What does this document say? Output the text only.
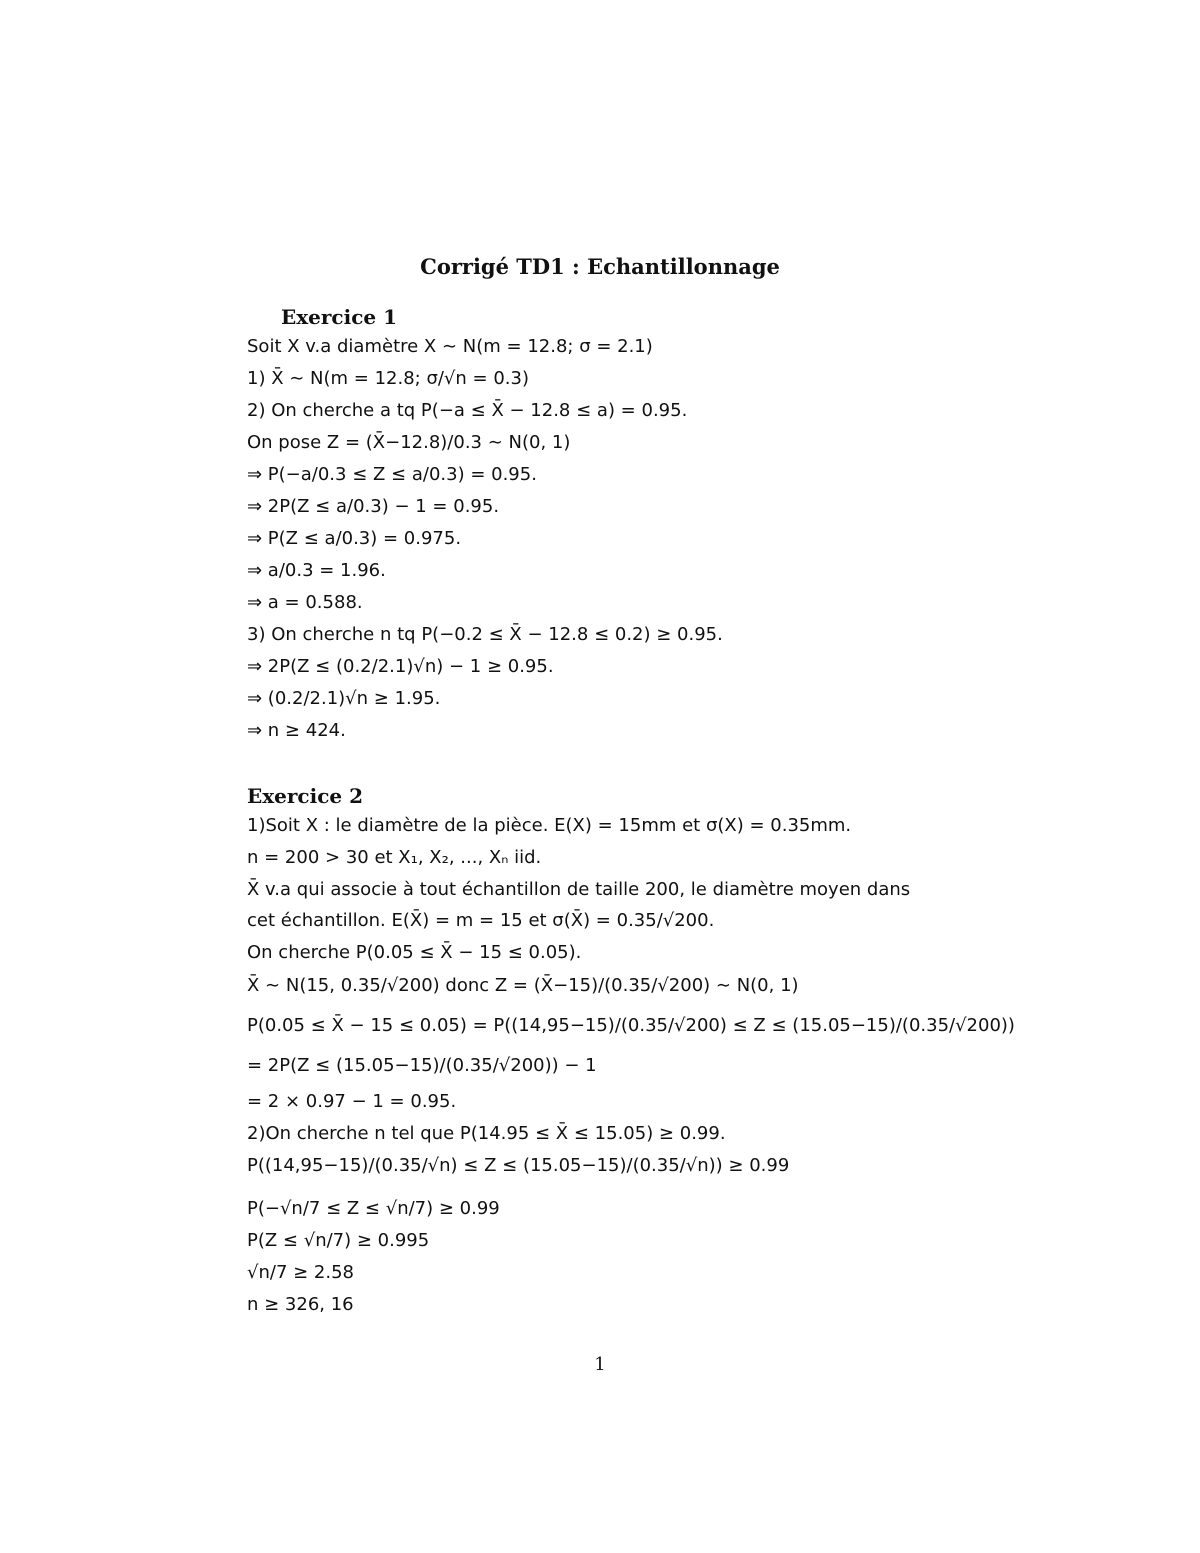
Corrigé TD1 : Echantillonnage
Exercice 1
Soit X v.a diamètre X ∼ N(m = 12.8; σ = 2.1)
1) X̄ ∼ N(m = 12.8; σ/√n = 0.3)
2) On cherche a tq P(−a ≤ X̄ − 12.8 ≤ a) = 0.95.
On pose Z = (X̄−12.8)/0.3 ∼ N(0, 1)
⇒ P(−a/0.3 ≤ Z ≤ a/0.3) = 0.95.
⇒ 2P(Z ≤ a/0.3) − 1 = 0.95.
⇒ P(Z ≤ a/0.3) = 0.975.
⇒ a/0.3 = 1.96.
⇒ a = 0.588.
3) On cherche n tq P(−0.2 ≤ X̄ − 12.8 ≤ 0.2) ≥ 0.95.
⇒ 2P(Z ≤ (0.2/2.1)√n) − 1 ≥ 0.95.
⇒ (0.2/2.1)√n ≥ 1.95.
⇒ n ≥ 424.
Exercice 2
1)Soit X : le diamètre de la pièce. E(X) = 15mm et σ(X) = 0.35mm.
n = 200 > 30 et X₁, X₂, ..., Xₙ iid.
X̄ v.a qui associe à tout échantillon de taille 200, le diamètre moyen dans
cet échantillon. E(X̄) = m = 15 et σ(X̄) = 0.35/√200.
On cherche P(0.05 ≤ X̄ − 15 ≤ 0.05).
X̄ ∼ N(15, 0.35/√200) donc Z = (X̄−15)/(0.35/√200) ∼ N(0, 1)
P(0.05 ≤ X̄ − 15 ≤ 0.05) = P((14,95−15)/(0.35/√200) ≤ Z ≤ (15.05−15)/(0.35/√200))
= 2P(Z ≤ (15.05−15)/(0.35/√200)) − 1
= 2 × 0.97 − 1 = 0.95.
2)On cherche n tel que P(14.95 ≤ X̄ ≤ 15.05) ≥ 0.99.
P((14,95−15)/(0.35/√n) ≤ Z ≤ (15.05−15)/(0.35/√n)) ≥ 0.99
P(−√n/7 ≤ Z ≤ √n/7) ≥ 0.99
P(Z ≤ √n/7) ≥ 0.995
√n/7 ≥ 2.58
n ≥ 326, 16
1
